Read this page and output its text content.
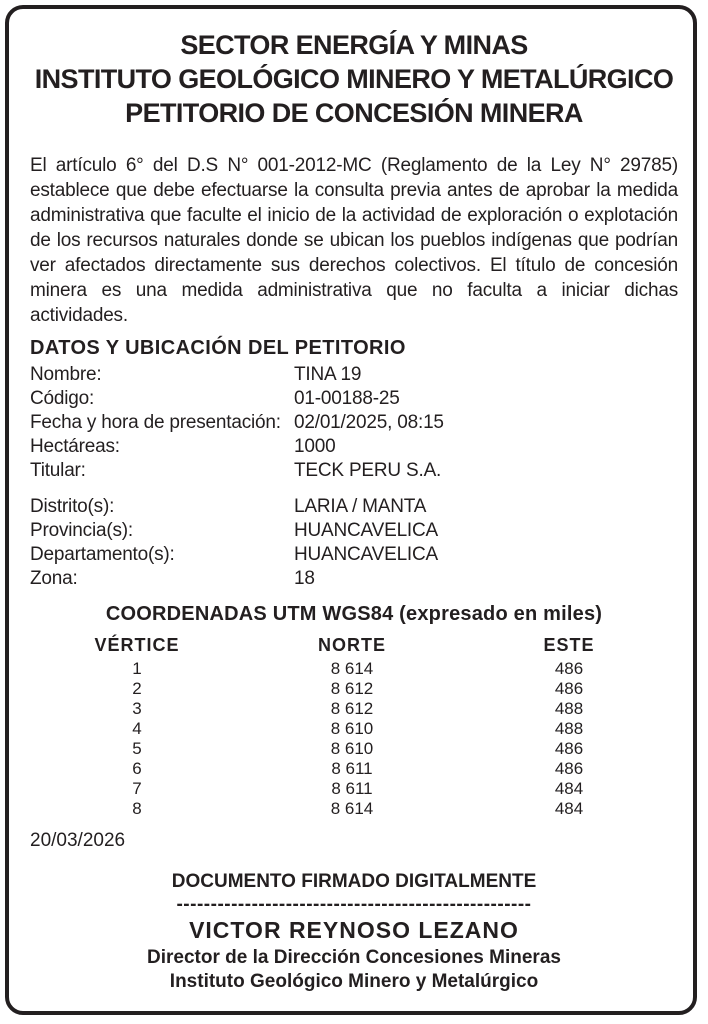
SECTOR ENERGÍA Y MINAS
INSTITUTO GEOLÓGICO MINERO Y METALÚRGICO
PETITORIO DE CONCESIÓN MINERA
El artículo 6° del D.S N° 001-2012-MC (Reglamento de la Ley N° 29785) establece que debe efectuarse la consulta previa antes de aprobar la medida administrativa que faculte el inicio de la actividad de exploración o explotación de los recursos naturales donde se ubican los pueblos indígenas que podrían ver afectados directamente sus derechos colectivos. El título de concesión minera es una medida administrativa que no faculta a iniciar dichas actividades.
DATOS Y UBICACIÓN DEL PETITORIO
Nombre:	TINA 19
Código:	01-00188-25
Fecha y hora de presentación: 02/01/2025, 08:15
Hectáreas:	1000
Titular:	TECK PERU S.A.
Distrito(s):	LARIA / MANTA
Provincia(s):	HUANCAVELICA
Departamento(s):	HUANCAVELICA
Zona:	18
COORDENADAS UTM WGS84 (expresado en miles)
VÉRTICE	NORTE	ESTE
1	8 614	486
2	8 612	486
3	8 612	488
4	8 610	488
5	8 610	486
6	8 611	486
7	8 611	484
8	8 614	484
20/03/2026
DOCUMENTO FIRMADO DIGITALMENTE
----------------------------------------------------
VICTOR REYNOSO LEZANO
Director de la Dirección Concesiones Mineras
Instituto Geológico Minero y Metalúrgico
